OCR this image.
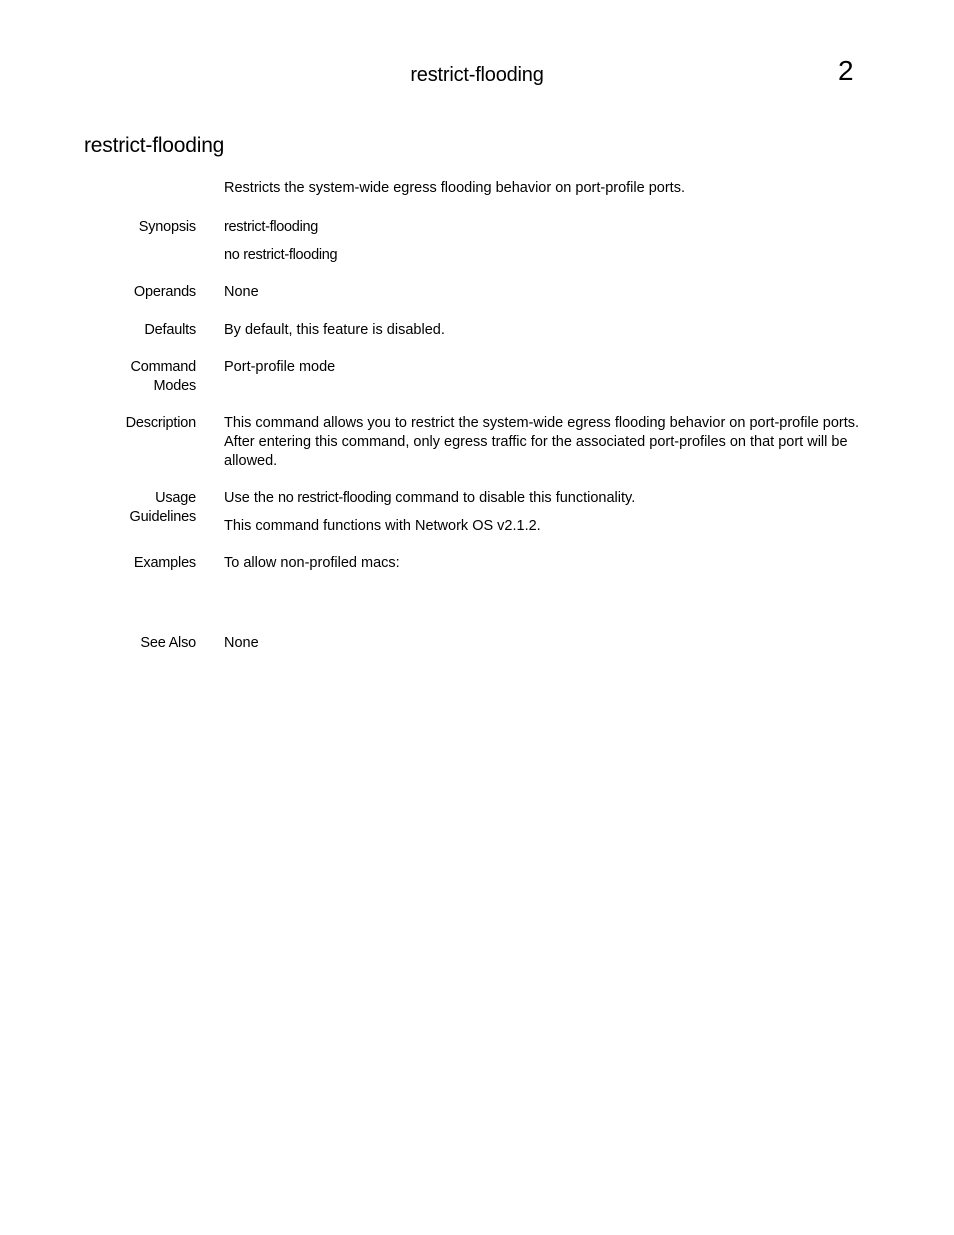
restrict-flooding	2
restrict-flooding
Restricts the system-wide egress flooding behavior on port-profile ports.
Synopsis restrict-flooding

no restrict-flooding

Operands None
Defaults By default, this feature is disabled.
Command
Modes
Port-profile mode
Description This command allows you to restrict the system-wide egress flooding behavior on port-profile ports. After entering this command, only egress traffic for the associated port-profiles on that port will be allowed.
Usage
Guidelines

Use the no restrict-flooding command to disable this functionality.

This command functions with Network OS v2.1.2.

Examples To allow non-profiled macs:
See Also None
